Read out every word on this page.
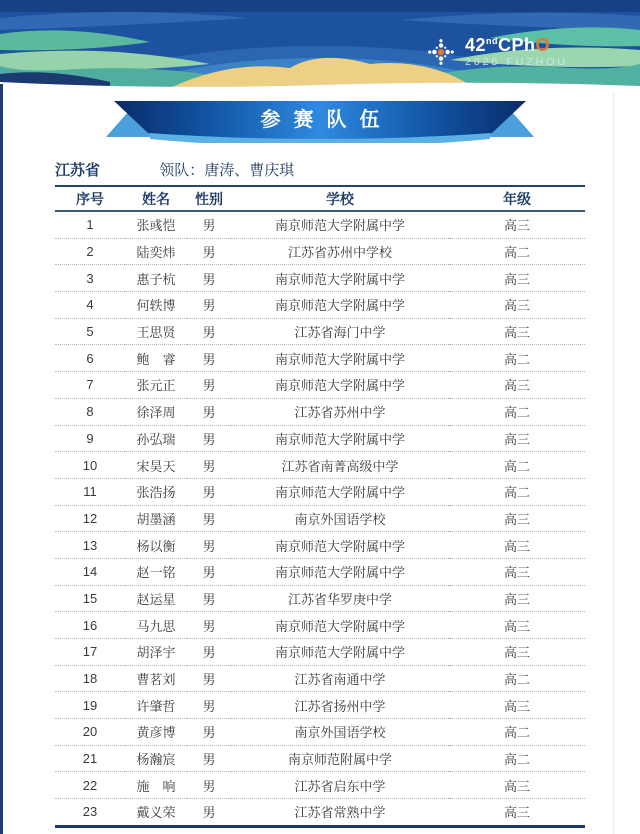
42ndCPhO
2025 FUZHOU
参赛队伍
江苏省	领队：唐涛、曹庆琪
序号	姓名	性别	学校	年级
1	张彧恺	男	南京师范大学附属中学	高三
2	陆奕炜	男	江苏省苏州中学校	高二
3	惠子杭	男	南京师范大学附属中学	高三
4	何轶博	男	南京师范大学附属中学	高三
5	王思贤	男	江苏省海门中学	高三
6	鲍　睿	男	南京师范大学附属中学	高二
7	张元正	男	南京师范大学附属中学	高三
8	徐泽周	男	江苏省苏州中学	高二
9	孙弘瑞	男	南京师范大学附属中学	高三
10	宋昊天	男	江苏省南菁高级中学	高二
11	张浩扬	男	南京师范大学附属中学	高二
12	胡墨涵	男	南京外国语学校	高三
13	杨以衡	男	南京师范大学附属中学	高三
14	赵一铭	男	南京师范大学附属中学	高三
15	赵运星	男	江苏省华罗庚中学	高三
16	马九思	男	南京师范大学附属中学	高三
17	胡泽宇	男	南京师范大学附属中学	高三
18	曹茗刘	男	江苏省南通中学	高二
19	许肇哲	男	江苏省扬州中学	高三
20	黄彦博	男	南京外国语学校	高二
21	杨瀚宸	男	南京师范附属中学	高二
22	施　响	男	江苏省启东中学	高三
23	戴义荣	男	江苏省常熟中学	高三
